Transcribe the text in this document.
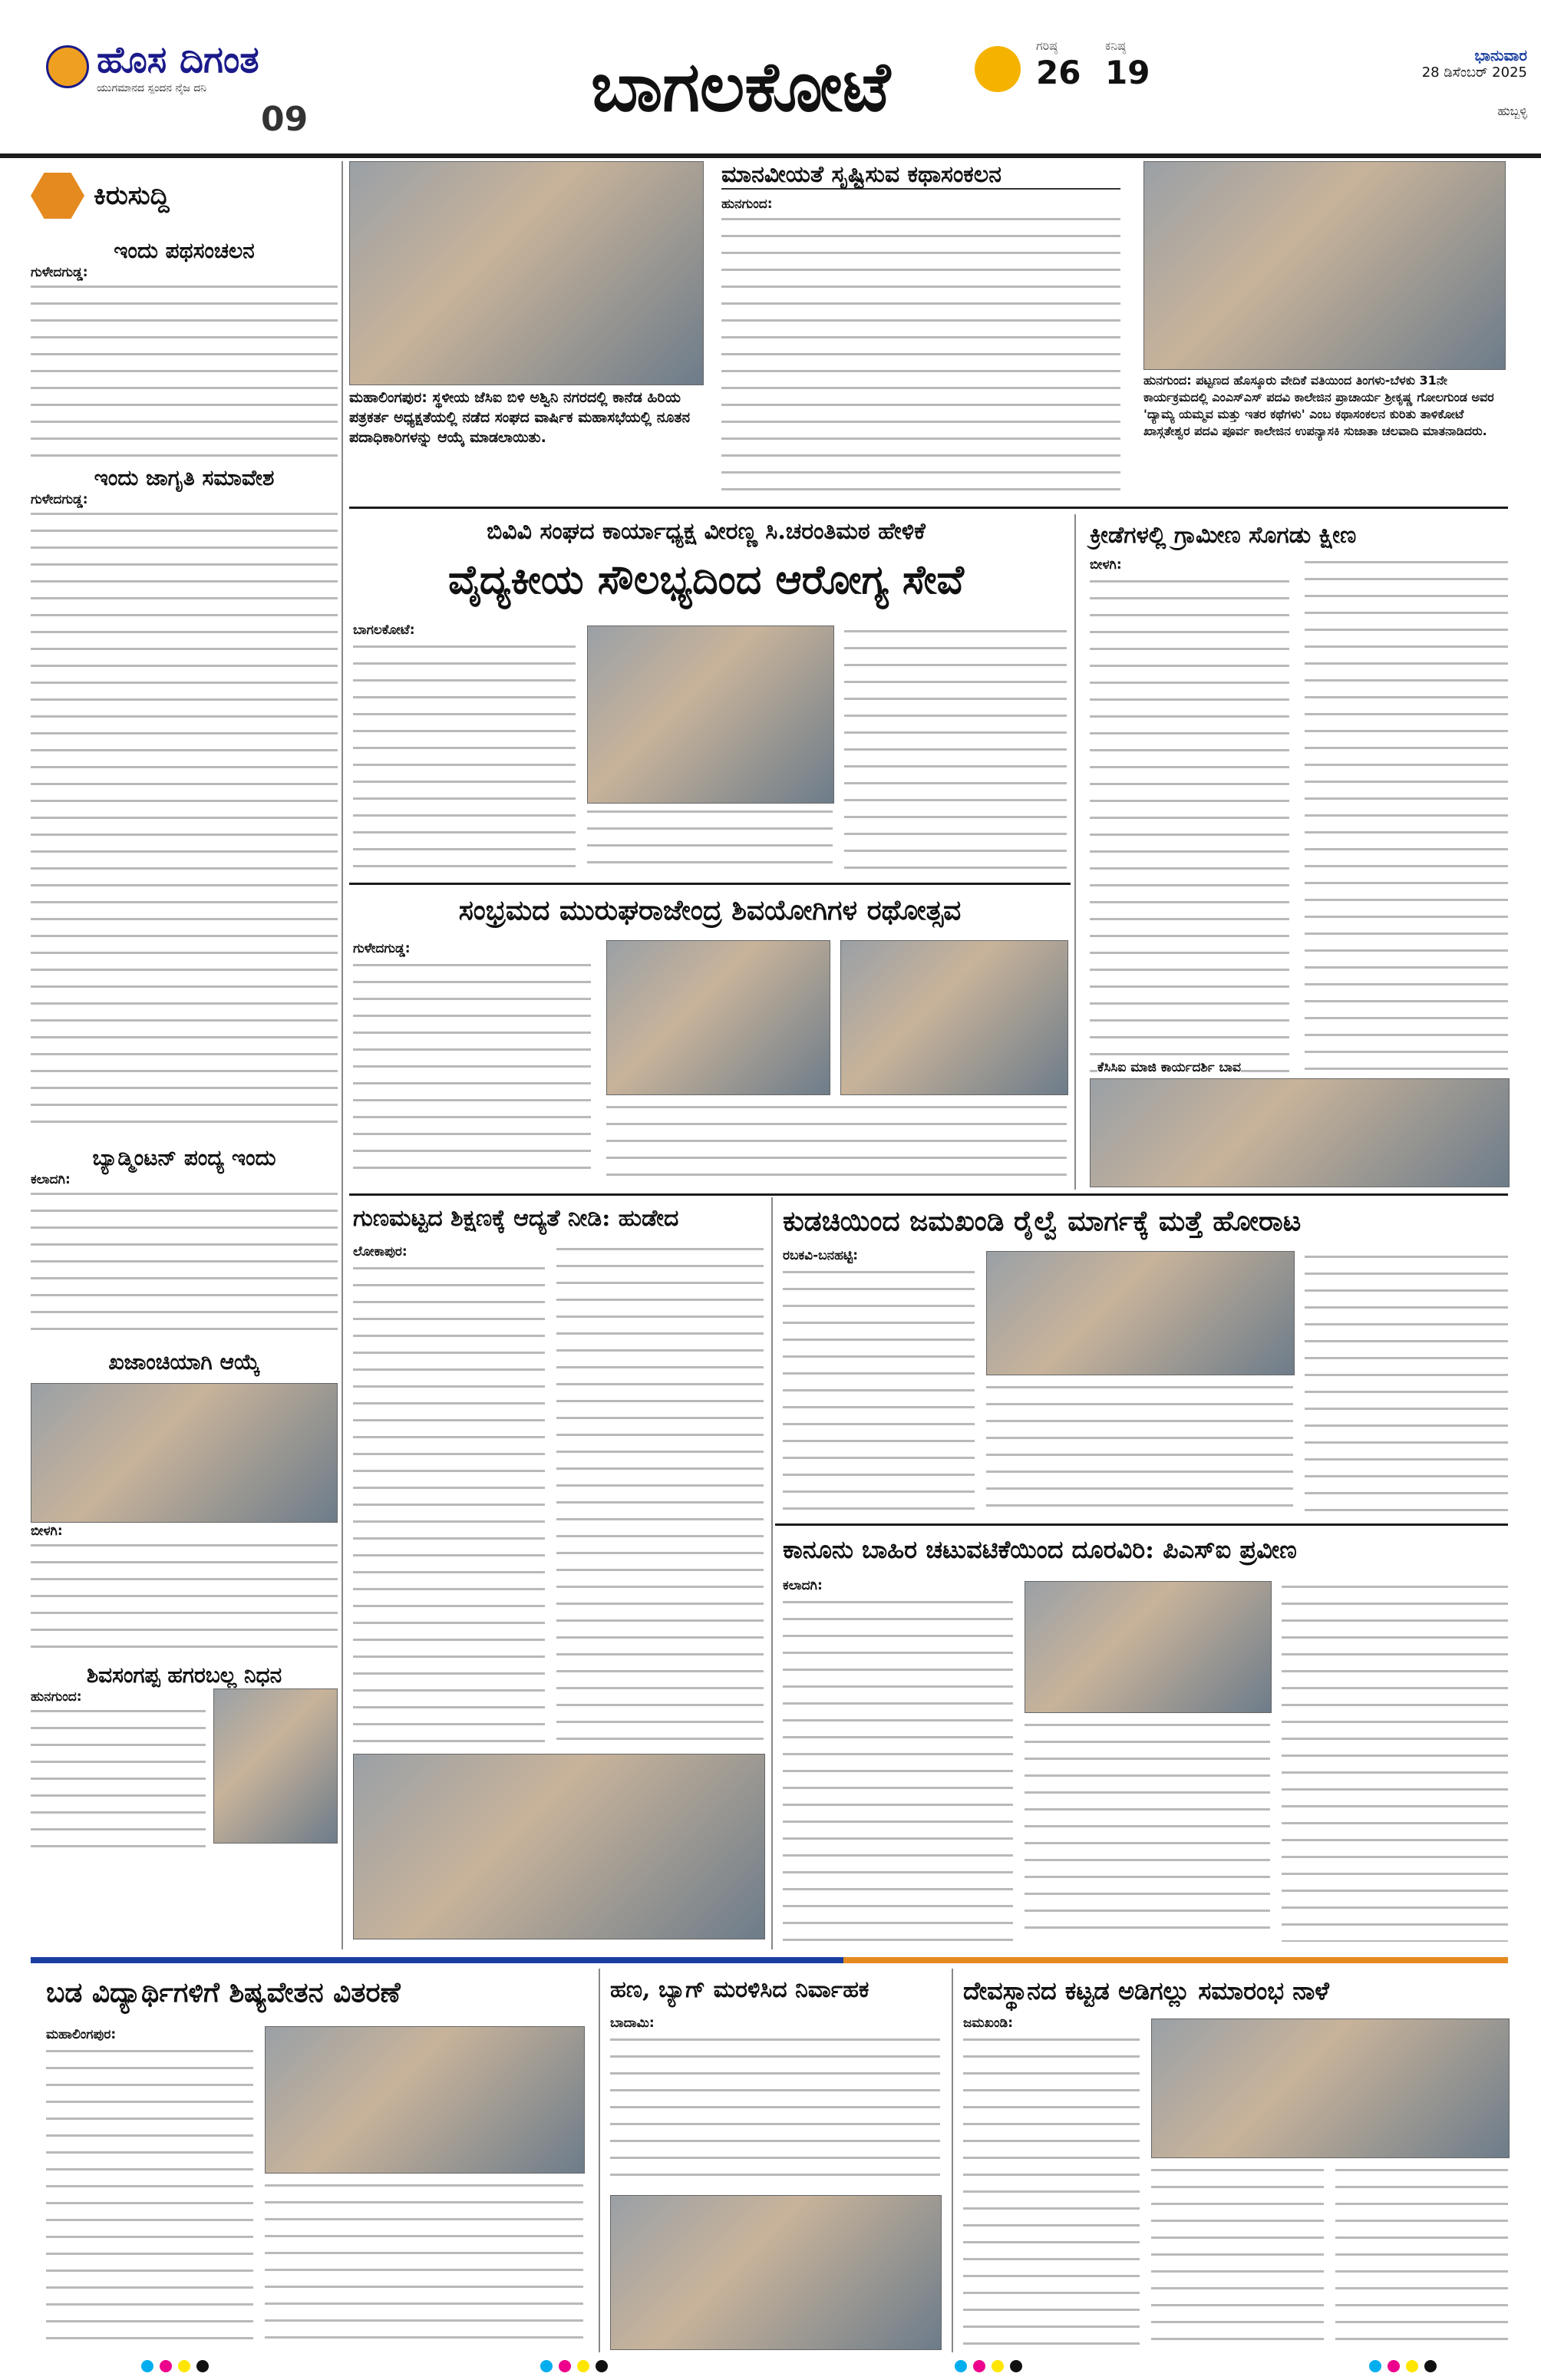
ಹೊಸ ದಿಗಂತ
ಯುಗಮಾನದ ಸ್ಪಂದನ ನೈಜ ದನಿ
09	ಬಾಗಲಕೋಟೆ
ಗರಿಷ್ಠ
26
ಕನಿಷ್ಠ
19	ಭಾನುವಾರ
28 ಡಿಸೆಂಬರ್ 2025
ಹುಬ್ಬಳ್ಳಿ
ಕಿರುಸುದ್ದಿ
ಇಂದು ಪಥಸಂಚಲನ
ಗುಳೇದಗುಡ್ಡ:
ಇಂದು ಜಾಗೃತಿ ಸಮಾವೇಶ
ಗುಳೇದಗುಡ್ಡ:
ಬ್ಯಾಡ್ಮಿಂಟನ್ ಪಂದ್ಯ ಇಂದು
ಕಲಾದಗಿ:
ಖಜಾಂಚಿಯಾಗಿ ಆಯ್ಕೆ
ಬೀಳಗಿ:
ಶಿವಸಂಗಪ್ಪ ಹಗರಬಲ್ಲ ನಿಧನ
ಹುನಗುಂದ:
ಮಹಾಲಿಂಗಪುರ: ಸ್ಥಳೀಯ ಜೆಸಿಐ ಬಿಳಿ ಅಶ್ವಿನಿ ನಗರದಲ್ಲಿ ಕಾನೆಡ ಹಿರಿಯ ಪತ್ರಕರ್ತ ಅಧ್ಯಕ್ಷತೆಯಲ್ಲಿ ನಡೆದ ಸಂಘದ ವಾರ್ಷಿಕ ಮಹಾಸಭೆಯಲ್ಲಿ ನೂತನ ಪದಾಧಿಕಾರಿಗಳನ್ನು ಆಯ್ಕೆ ಮಾಡಲಾಯಿತು.
ಮಾನವೀಯತೆ ಸೃಷ್ಟಿಸುವ ಕಥಾಸಂಕಲನ
ಹುನಗುಂದ:
ಹುನಗುಂದ: ಪಟ್ಟಣದ ಹೊಸ್ಕೂರು ವೇದಿಕೆ ವತಿಯಿಂದ ತಿಂಗಳು-ಬೆಳಕು 31ನೇ ಕಾರ್ಯಕ್ರಮದಲ್ಲಿ ಎಂಎಸ್‌ಎಸ್ ಪದವಿ ಕಾಲೇಜಿನ ಪ್ರಾಚಾರ್ಯ ಶ್ರೀಕೃಷ್ಣ ಗೋಲಗುಂಡ ಅವರ 'ದ್ಯಾಮ್ಯ ಯಮ್ಮವ ಮತ್ತು ಇತರ ಕಥೆಗಳು' ಎಂಬ ಕಥಾಸಂಕಲನ ಕುರಿತು ತಾಳಿಕೋಟೆ ಖಾಸ್ಗತೇಶ್ವರ ಪದವಿ ಪೂರ್ವ ಕಾಲೇಜಿನ ಉಪನ್ಯಾಸಕಿ ಸುಜಾತಾ ಚಲವಾದಿ ಮಾತನಾಡಿದರು.
ಬಿವಿವಿ ಸಂಘದ ಕಾರ್ಯಾಧ್ಯಕ್ಷ ವೀರಣ್ಣ ಸಿ.ಚರಂತಿಮಠ ಹೇಳಿಕೆ
ವೈದ್ಯಕೀಯ ಸೌಲಭ್ಯದಿಂದ ಆರೋಗ್ಯ ಸೇವೆ
ಬಾಗಲಕೋಟೆ:
ಕ್ರೀಡೆಗಳಲ್ಲಿ ಗ್ರಾಮೀಣ ಸೊಗಡು ಕ್ಷೀಣ
ಬೀಳಗಿ:
ಕೆಸಿಸಿಐ ಮಾಜಿ ಕಾರ್ಯದರ್ಶಿ ಬಾವ
ಸಂಭ್ರಮದ ಮುರುಘರಾಜೇಂದ್ರ ಶಿವಯೋಗಿಗಳ ರಥೋತ್ಸವ
ಗುಳೇದಗುಡ್ಡ:
ಗುಣಮಟ್ಟದ ಶಿಕ್ಷಣಕ್ಕೆ ಆದ್ಯತೆ ನೀಡಿ: ಹುಡೇದ
ಲೋಕಾಪುರ:
ಕುಡಚಿಯಿಂದ ಜಮಖಂಡಿ ರೈಲ್ವೆ ಮಾರ್ಗಕ್ಕೆ ಮತ್ತೆ ಹೋರಾಟ
ರಬಕವಿ-ಬನಹಟ್ಟಿ:
ಕಾನೂನು ಬಾಹಿರ ಚಟುವಟಿಕೆಯಿಂದ ದೂರವಿರಿ: ಪಿಎಸ್‌ಐ ಪ್ರವೀಣ
ಕಲಾದಗಿ:
ಬಡ ವಿದ್ಯಾರ್ಥಿಗಳಿಗೆ ಶಿಷ್ಯವೇತನ ವಿತರಣೆ
ಮಹಾಲಿಂಗಪುರ:
ಹಣ, ಬ್ಯಾಗ್ ಮರಳಿಸಿದ ನಿರ್ವಾಹಕ
ಬಾದಾಮಿ:
ದೇವಸ್ಥಾನದ ಕಟ್ಟಡ ಅಡಿಗಲ್ಲು ಸಮಾರಂಭ ನಾಳೆ
ಜಮಖಂಡಿ:
